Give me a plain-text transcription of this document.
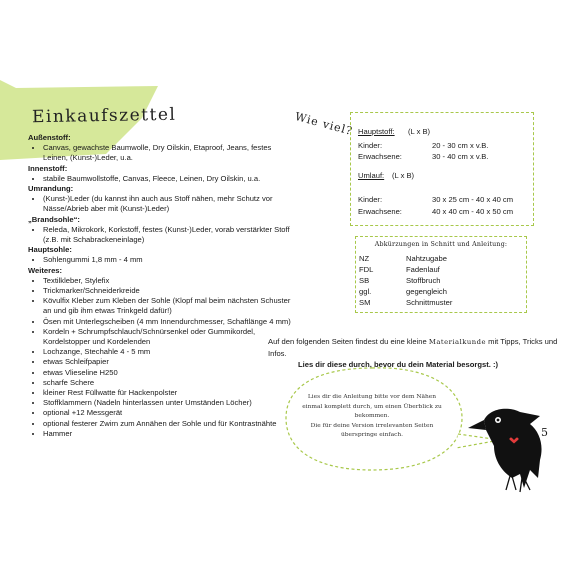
Einkaufszettel
Außenstoff:
• Canvas, gewachste Baumwolle, Dry Oilskin, Etaproof, Jeans, festes Leinen, (Kunst-)Leder, u.a.
Innenstoff:
• stabile Baumwollstoffe, Canvas, Fleece, Leinen, Dry Oilskin, u.a.
Umrandung:
• (Kunst-)Leder (du kannst ihn auch aus Stoff nähen, mehr Schutz vor Nässe/Abrieb aber mit (Kunst-)Leder)
„Brandsohle“:
• Releda, Mikrokork, Korkstoff, festes (Kunst-)Leder, vorab verstärkter Stoff (z.B. mit Schabrackeneinlage)
Hauptsohle:
• Sohlengummi 1,8 mm - 4 mm
Weiteres:
• Textilkleber, Stylefix
• Trickmarker/Schneiderkreide
• Kövulfix Kleber zum Kleben der Sohle (Klopf mal beim nächsten Schuster an und gib ihm etwas Trinkgeld dafür!)
• Ösen mit Unterlegscheiben (4 mm Innendurchmesser, Schaftlänge 4 mm)
• Kordeln + Schrumpfschlauch/Schnürsenkel oder Gummikordel, Kordelstopper und Kordelenden
• Lochzange, Stechahle 4 - 5 mm
• etwas Schleifpapier
• etwas Vlieseline H250
• scharfe Schere
• kleiner Rest Füllwatte für Hackenpolster
• Stoffklammern (Nadeln hinterlassen unter Umständen Löcher)
• optional +12 Messgerät
• optional festerer Zwirn zum Annähen der Sohle und für Kontrastnähte
• Hammer
Wie viel? Hauptstoff: (L x B)
Kinder:	20 - 30 cm x v.B.
Erwachsene:	30 - 40 cm x v.B.
Umlauf: (L x B)
Kinder:	30 x 25 cm - 40 x 40 cm
Erwachsene:	40 x 40 cm - 40 x 50 cm
Abkürzungen in Schnitt und Anleitung:
NZ	Nahtzugabe
FDL	Fadenlauf
SB	Stoffbruch
ggl.	gegengleich
SM	Schnittmuster
Auf den folgenden Seiten findest du eine kleine Materialkunde mit Tipps, Tricks und Infos.
Lies dir diese durch, bevor du dein Material besorgst. :)
Lies dir die Anleitung bitte vor dem Nähen
einmal komplett durch, um einen Überblick zu
bekommen.
Die für deine Version irrelevanten Seiten
überspringe einfach.	5
